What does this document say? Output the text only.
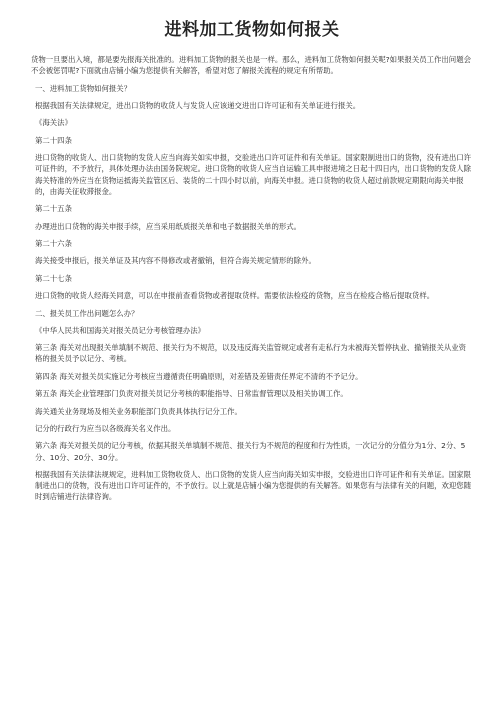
进料加工货物如何报关

货物一旦要出入境，都是要先报海关批准的。进料加工货物的报关也是一样。那么，进料加工货物如何报关呢?如果报关员工作出问题会不会被惩罚呢?下面就由店铺小编为您提供有关解答，希望对您了解报关流程的规定有所帮助。

一、进料加工货物如何报关？

根据我国有关法律规定，进出口货物的收货人与发货人应该递交进出口许可证和有关单证进行报关。

《海关法》

第二十四条

进口货物的收货人、出口货物的发货人应当向海关如实申报，交验进出口许可证件和有关单证。国家限制进出口的货物，没有进出口许可证件的，不予放行，具体处理办法由国务院规定。进口货物的收货人应当自运输工具申报进境之日起十四日内，出口货物的发货人除海关特准的外应当在货物运抵海关监管区后、装货的二十四小时以前，向海关申报。进口货物的收货人超过前款规定期限向海关申报的，由海关征收滞报金。

第二十五条

办理进出口货物的海关申报手续，应当采用纸质报关单和电子数据报关单的形式。

第二十六条

海关接受申报后，报关单证及其内容不得修改或者撤销，但符合海关规定情形的除外。

第二十七条

进口货物的收货人经海关同意，可以在申报前查看货物或者提取货样。需要依法检疫的货物，应当在检疫合格后提取货样。

二、报关员工作出问题怎么办？

《中华人民共和国海关对报关员记分考核管理办法》

第三条 海关对出现报关单填制不规范、报关行为不规范，以及违反海关监管规定或者有走私行为未被海关暂停执业、撤销报关从业资格的报关员予以记分、考核。

第四条 海关对报关员实施记分考核应当遵循责任明确原则，对差错及差错责任界定不清的不予记分。

第五条 海关企业管理部门负责对报关员记分考核的职能指导、日常监督管理以及相关协调工作。

海关通关业务现场及相关业务职能部门负责具体执行记分工作。

记分的行政行为应当以各级海关名义作出。

第六条 海关对报关员的记分考核，依据其报关单填制不规范、报关行为不规范的程度和行为性质，一次记分的分值分为1分、2分、5分、10分、20分、30分。

根据我国有关法律法规规定，进料加工货物收货人、出口货物的发货人应当向海关如实申报，交验进出口许可证件和有关单证。国家限制进出口的货物，没有进出口许可证件的，不予放行。以上就是店铺小编为您提供的有关解答。如果您有与法律有关的问题，欢迎您随时到店铺进行法律咨询。
